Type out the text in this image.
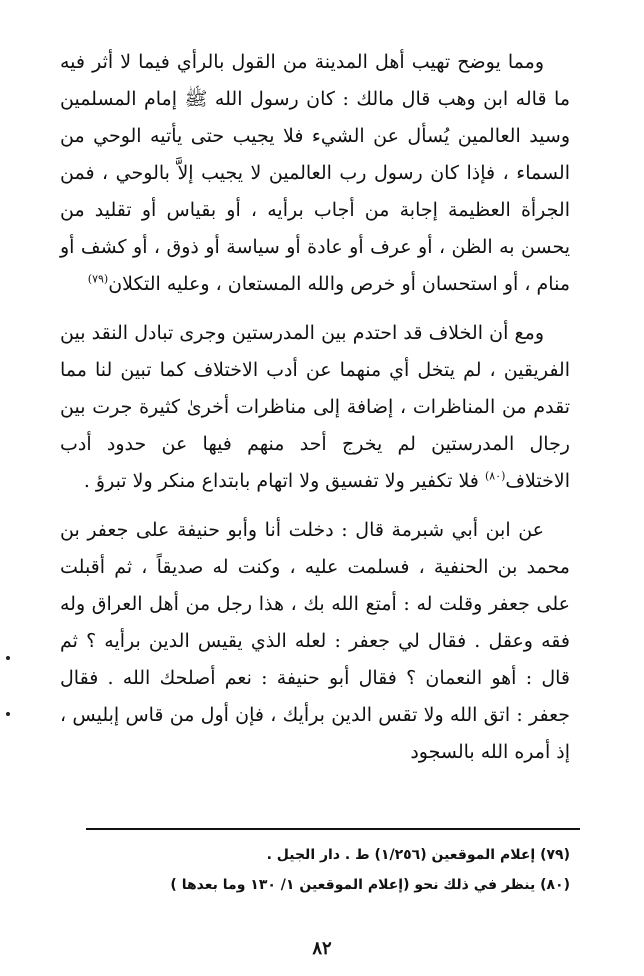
ومما يوضح تهيب أهل المدينة من القول بالرأي فيما لا أثر فيه ما قاله ابن وهب قال مالك : كان رسول الله ﷺ إمام المسلمين وسيد العالمين يُسأل عن الشيء فلا يجيب حتى يأتيه الوحي من السماء ، فإذا كان رسول رب العالمين لا يجيب إلاَّ بالوحي ، فمن الجرأة العظيمة إجابة من أجاب برأيه ، أو بقياس أو تقليد من يحسن به الظن ، أو عرف أو عادة أو سياسة أو ذوق ، أو كشف أو منام ، أو استحسان أو خرص والله المستعان ، وعليه التكلان$^{(٧٩)}$

ومع أن الخلاف قد احتدم بين المدرستين وجرى تبادل النقد بين الفريقين ، لم يتخل أي منهما عن أدب الاختلاف كما تبين لنا مما تقدم من المناظرات ، إضافة إلى مناظرات أخرىٰ كثيرة جرت بين رجال المدرستين لم يخرج أحد منهم فيها عن حدود أدب الاختلاف$^{(٨٠)}$ فلا تكفير ولا تفسيق ولا اتهام بابتداع منكر ولا تبرؤ .

عن ابن أبي شبرمة قال : دخلت أنا وأبو حنيفة على جعفر بن محمد بن الحنفية ، فسلمت عليه ، وكنت له صديقاً ، ثم أقبلت على جعفر وقلت له : أمتع الله بك ، هذا رجل من أهل العراق وله فقه وعقل . فقال لي جعفر : لعله الذي يقيس الدين برأيه ؟ ثم قال : أهو النعمان ؟ فقال أبو حنيفة : نعم أصلحك الله . فقال جعفر : اتق الله ولا تقس الدين برأيك ، فإن أول من قاس إبليس ، إذ أمره الله بالسجود

(٧٩) إعلام الموقعين (١/٢٥٦) ط . دار الجيل .

(٨٠) ينظر في ذلك نحو (إعلام الموقعين ١/ ١٣٠ وما بعدها )

٨٢
